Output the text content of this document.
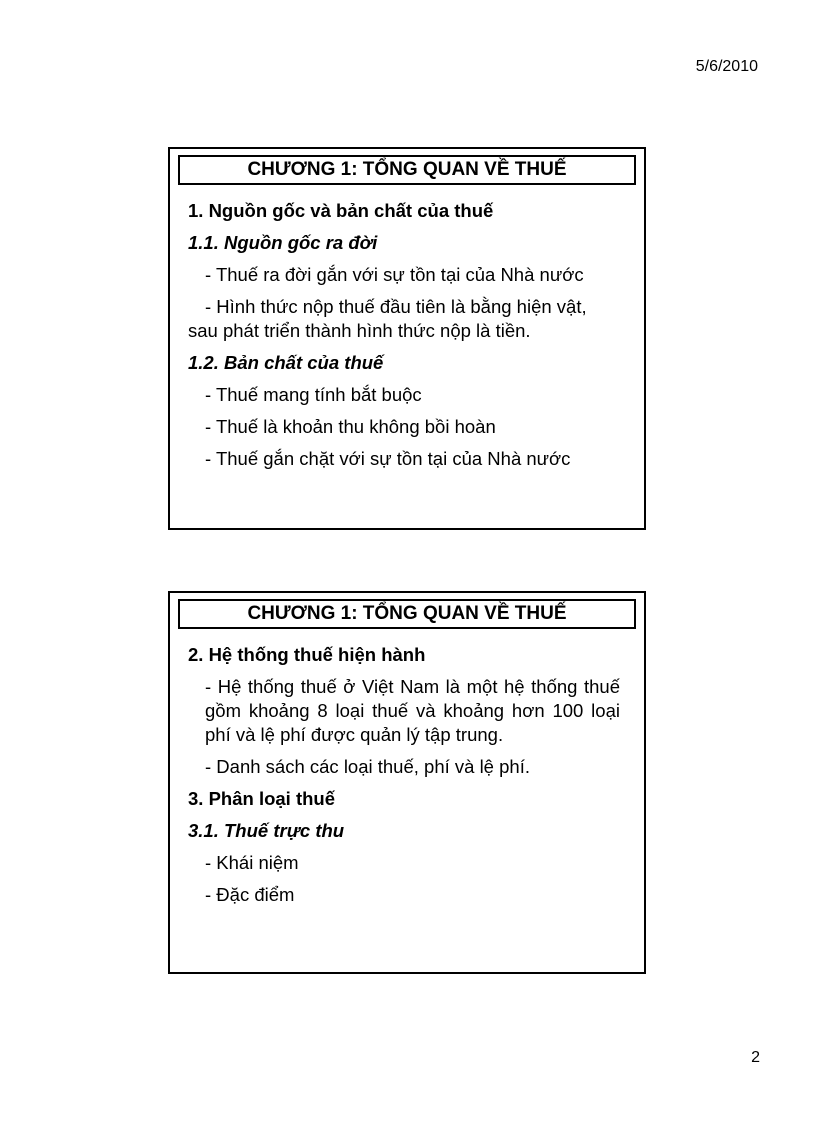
5/6/2010
CHƯƠNG 1: TỔNG QUAN VỀ THUẾ
1. Nguồn gốc và bản chất của thuế
1.1. Nguồn gốc ra đời
- Thuế ra đời gắn với sự tồn tại của Nhà nước
- Hình thức nộp thuế đầu tiên là bằng hiện vật,
sau phát triển thành hình thức nộp là tiền.
1.2. Bản chất của thuế
- Thuế mang tính bắt buộc
- Thuế là khoản thu không bồi hoàn
- Thuế gắn chặt với sự tồn tại của Nhà nước
CHƯƠNG 1: TỔNG QUAN VỀ THUẾ
2. Hệ thống thuế hiện hành
- Hệ thống thuế ở Việt Nam là một hệ thống thuế gồm khoảng 8 loại thuế và khoảng hơn 100 loại phí và lệ phí được quản lý tập trung.
- Danh sách các loại thuế, phí và lệ phí.
3. Phân loại thuế
3.1. Thuế trực thu
- Khái niệm
- Đặc điểm
2
